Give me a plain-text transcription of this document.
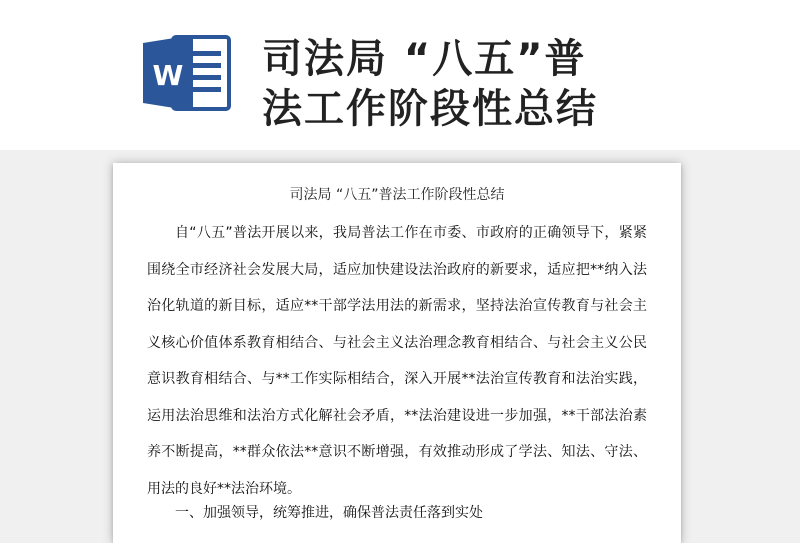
W 司法局 “八五”普
法工作阶段性总结

司法局 “八五”普法工作阶段性总结

自“八五”普法开展以来，我局普法工作在市委、市政府的正确领导下，紧紧围绕全市经济社会发展大局，适应加快建设法治政府的新要求，适应把**纳入法治化轨道的新目标，适应**干部学法用法的新需求，坚持法治宣传教育与社会主义核心价值体系教育相结合、与社会主义法治理念教育相结合、与社会主义公民意识教育相结合、与**工作实际相结合，深入开展**法治宣传教育和法治实践，运用法治思维和法治方式化解社会矛盾，**法治建设进一步加强，**干部法治素养不断提高，**群众依法**意识不断增强，有效推动形成了学法、知法、守法、用法的良好**法治环境。

一、加强领导，统筹推进，确保普法责任落到实处
